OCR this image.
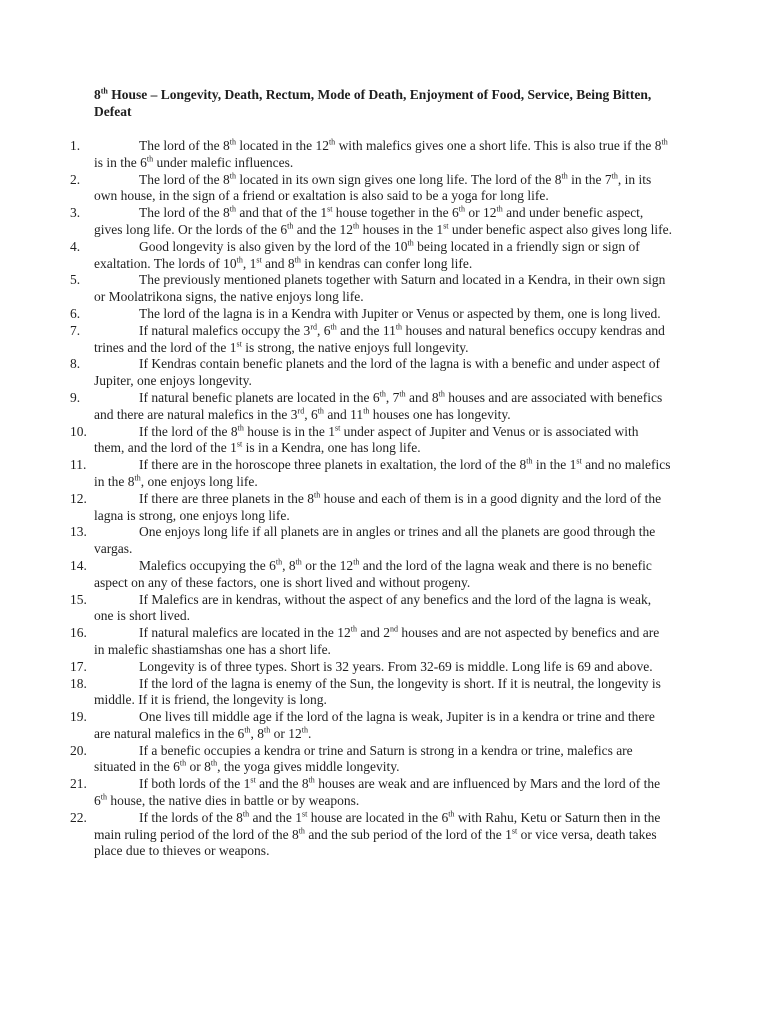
8th House – Longevity, Death, Rectum, Mode of Death, Enjoyment of Food, Service, Being Bitten, Defeat
1.	The lord of the 8th located in the 12th with malefics gives one a short life. This is also true if the 8th is in the 6th under malefic influences.
2.	The lord of the 8th located in its own sign gives one long life. The lord of the 8th in the 7th, in its own house, in the sign of a friend or exaltation is also said to be a yoga for long life.
3.	The lord of the 8th and that of the 1st house together in the 6th or 12th and under benefic aspect, gives long life. Or the lords of the 6th and the 12th houses in the 1st under benefic aspect also gives long life.
4.	Good longevity is also given by the lord of the 10th being located in a friendly sign or sign of exaltation. The lords of 10th, 1st and 8th in kendras can confer long life.
5.	The previously mentioned planets together with Saturn and located in a Kendra, in their own sign or Moolatrikona signs, the native enjoys long life.
6.	The lord of the lagna is in a Kendra with Jupiter or Venus or aspected by them, one is long lived.
7.	If natural malefics occupy the 3rd, 6th and the 11th houses and natural benefics occupy kendras and trines and the lord of the 1st is strong, the native enjoys full longevity.
8.	If Kendras contain benefic planets and the lord of the lagna is with a benefic and under aspect of Jupiter, one enjoys longevity.
9.	If natural benefic planets are located in the 6th, 7th and 8th houses and are associated with benefics and there are natural malefics in the 3rd, 6th and 11th houses one has longevity.
10.	If the lord of the 8th house is in the 1st under aspect of Jupiter and Venus or is associated with them, and the lord of the 1st is in a Kendra, one has long life.
11.	If there are in the horoscope three planets in exaltation, the lord of the 8th in the 1st and no malefics in the 8th, one enjoys long life.
12.	If there are three planets in the 8th house and each of them is in a good dignity and the lord of the lagna is strong, one enjoys long life.
13.	One enjoys long life if all planets are in angles or trines and all the planets are good through the vargas.
14.	Malefics occupying the 6th, 8th or the 12th and the lord of the lagna weak and there is no benefic aspect on any of these factors, one is short lived and without progeny.
15.	If Malefics are in kendras, without the aspect of any benefics and the lord of the lagna is weak, one is short lived.
16.	If natural malefics are located in the 12th and 2nd houses and are not aspected by benefics and are in malefic shastiamshas one has a short life.
17.	Longevity is of three types. Short is 32 years. From 32-69 is middle. Long life is 69 and above.
18.	If the lord of the lagna is enemy of the Sun, the longevity is short. If it is neutral, the longevity is middle. If it is friend, the longevity is long.
19.	One lives till middle age if the lord of the lagna is weak, Jupiter is in a kendra or trine and there are natural malefics in the 6th, 8th or 12th.
20.	If a benefic occupies a kendra or trine and Saturn is strong in a kendra or trine, malefics are situated in the 6th or 8th, the yoga gives middle longevity.
21.	If both lords of the 1st and the 8th houses are weak and are influenced by Mars and the lord of the 6th house, the native dies in battle or by weapons.
22.	If the lords of the 8th and the 1st house are located in the 6th with Rahu, Ketu or Saturn then in the main ruling period of the lord of the 8th and the sub period of the lord of the 1st or vice versa, death takes place due to thieves or weapons.
